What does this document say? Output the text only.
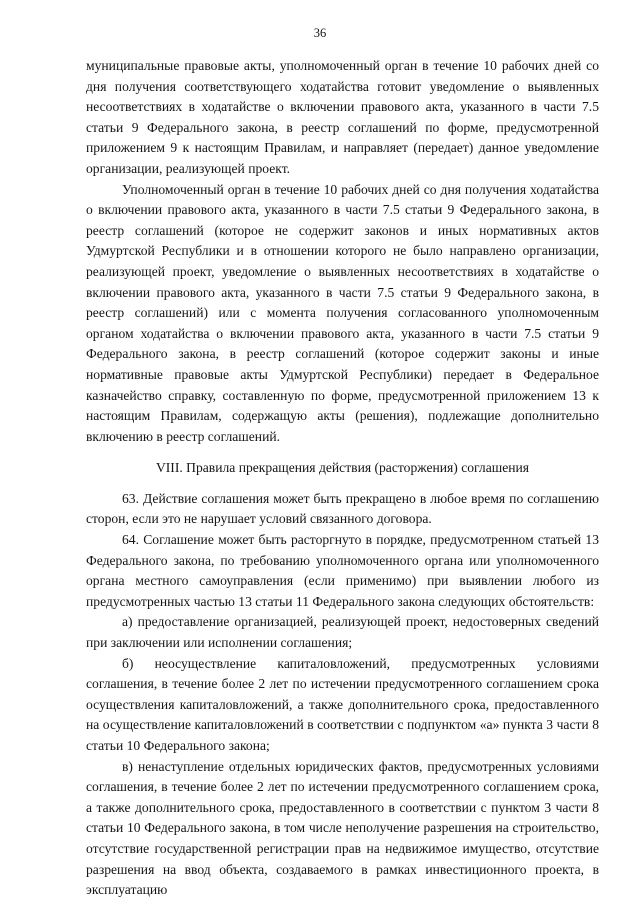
36

муниципальные правовые акты, уполномоченный орган в течение 10 рабочих дней со дня получения соответствующего ходатайства готовит уведомление о выявленных несоответствиях в ходатайстве о включении правового акта, указанного в части 7.5 статьи 9 Федерального закона, в реестр соглашений по форме, предусмотренной приложением 9 к настоящим Правилам, и направляет (передает) данное уведомление организации, реализующей проект.

Уполномоченный орган в течение 10 рабочих дней со дня получения ходатайства о включении правового акта, указанного в части 7.5 статьи 9 Федерального закона, в реестр соглашений (которое не содержит законов и иных нормативных актов Удмуртской Республики и в отношении которого не было направлено организации, реализующей проект, уведомление о выявленных несоответствиях в ходатайстве о включении правового акта, указанного в части 7.5 статьи 9 Федерального закона, в реестр соглашений) или с момента получения согласованного уполномоченным органом ходатайства о включении правового акта, указанного в части 7.5 статьи 9 Федерального закона, в реестр соглашений (которое содержит законы и иные нормативные правовые акты Удмуртской Республики) передает в Федеральное казначейство справку, составленную по форме, предусмотренной приложением 13 к настоящим Правилам, содержащую акты (решения), подлежащие дополнительно включению в реестр соглашений.

VIII. Правила прекращения действия (расторжения) соглашения

63. Действие соглашения может быть прекращено в любое время по соглашению сторон, если это не нарушает условий связанного договора.

64. Соглашение может быть расторгнуто в порядке, предусмотренном статьей 13 Федерального закона, по требованию уполномоченного органа или уполномоченного органа местного самоуправления (если применимо) при выявлении любого из предусмотренных частью 13 статьи 11 Федерального закона следующих обстоятельств:

а) предоставление организацией, реализующей проект, недостоверных сведений при заключении или исполнении соглашения;

б) неосуществление капиталовложений, предусмотренных условиями соглашения, в течение более 2 лет по истечении предусмотренного соглашением срока осуществления капиталовложений, а также дополнительного срока, предоставленного на осуществление капиталовложений в соответствии с подпунктом «а» пункта 3 части 8 статьи 10 Федерального закона;

в) ненаступление отдельных юридических фактов, предусмотренных условиями соглашения, в течение более 2 лет по истечении предусмотренного соглашением срока, а также дополнительного срока, предоставленного в соответствии с пунктом 3 части 8 статьи 10 Федерального закона, в том числе неполучение разрешения на строительство, отсутствие государственной регистрации прав на недвижимое имущество, отсутствие разрешения на ввод объекта, создаваемого в рамках инвестиционного проекта, в эксплуатацию
